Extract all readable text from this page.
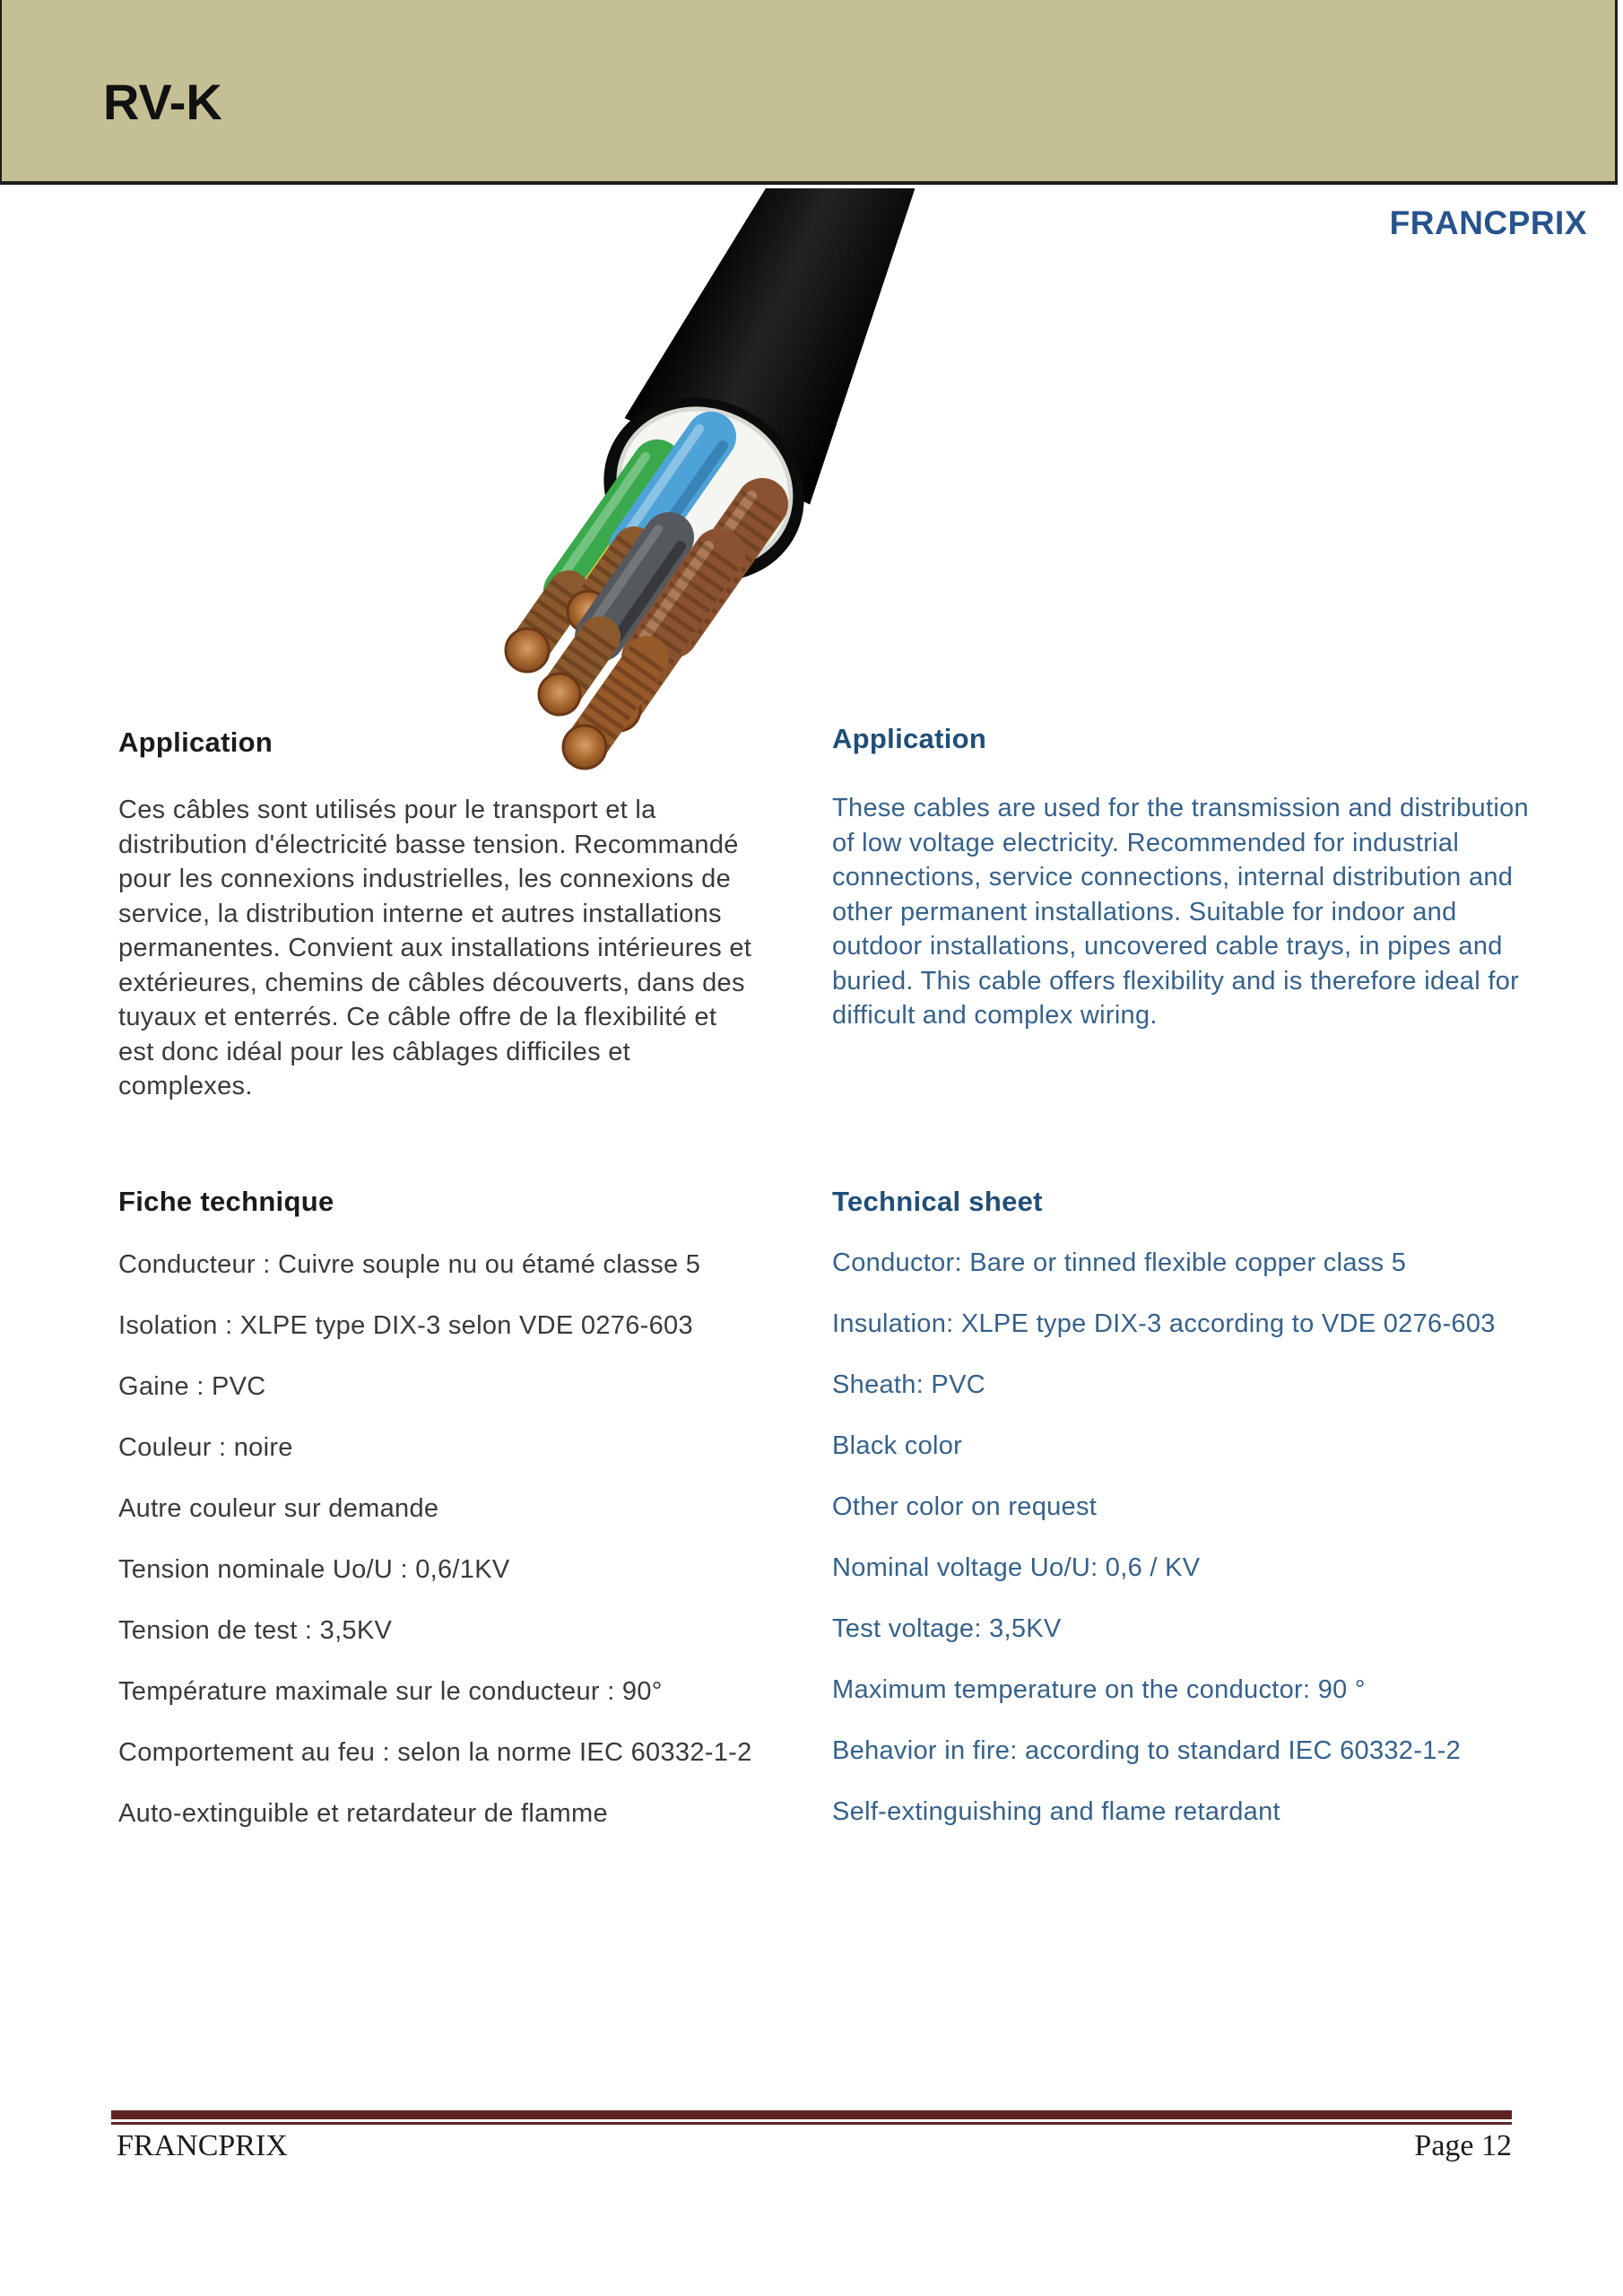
RV-K
FRANCPRIX
Application
Ces câbles sont utilisés pour le transport et la
distribution d'électricité basse tension. Recommandé
pour les connexions industrielles, les connexions de
service, la distribution interne et autres installations
permanentes. Convient aux installations intérieures et
extérieures, chemins de câbles découverts, dans des
tuyaux et enterrés. Ce câble offre de la flexibilité et
est donc idéal pour les câblages difficiles et
complexes.
Application
These cables are used for the transmission and distribution
of low voltage electricity. Recommended for industrial
connections, service connections, internal distribution and
other permanent installations. Suitable for indoor and
outdoor installations, uncovered cable trays, in pipes and
buried. This cable offers flexibility and is therefore ideal for
difficult and complex wiring.
Fiche technique
Conducteur : Cuivre souple nu ou étamé classe 5
Isolation : XLPE type DIX-3 selon VDE 0276-603
Gaine : PVC
Couleur : noire
Autre couleur sur demande
Tension nominale Uo/U : 0,6/1KV
Tension de test : 3,5KV
Température maximale sur le conducteur : 90°
Comportement au feu : selon la norme IEC 60332-1-2
Auto-extinguible et retardateur de flamme
Technical sheet
Conductor: Bare or tinned flexible copper class 5
Insulation: XLPE type DIX-3 according to VDE 0276-603
Sheath: PVC
Black color
Other color on request
Nominal voltage Uo/U: 0,6 / KV
Test voltage: 3,5KV
Maximum temperature on the conductor: 90 °
Behavior in fire: according to standard IEC 60332-1-2
Self-extinguishing and flame retardant
FRANCPRIX	Page 12
